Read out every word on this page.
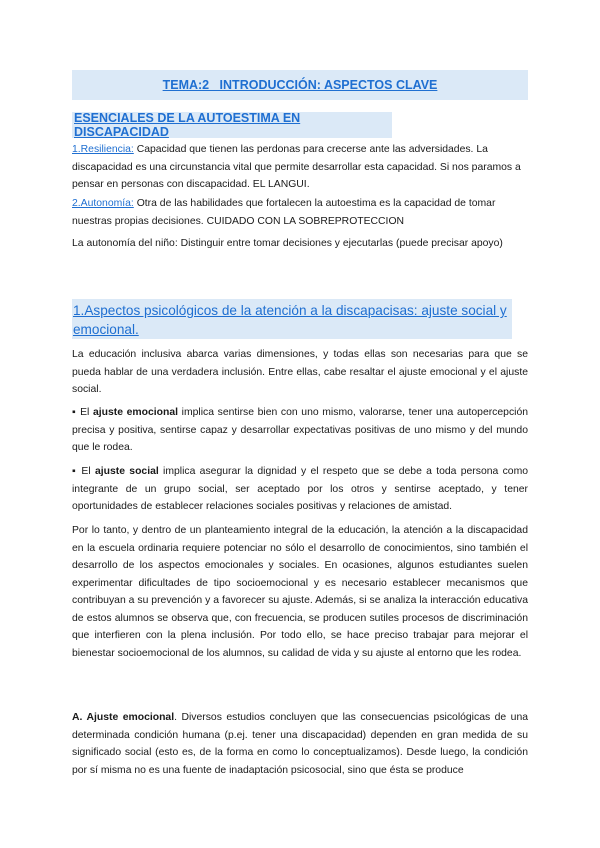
TEMA:2   INTRODUCCIÓN: ASPECTOS CLAVE
ESENCIALES DE LA AUTOESTIMA EN DISCAPACIDAD
1.Resiliencia: Capacidad que tienen las perdonas para crecerse ante las adversidades. La discapacidad es una circunstancia vital que permite desarrollar esta capacidad. Si nos paramos a pensar en personas con discapacidad. EL LANGUI.
2.Autonomía: Otra de las habilidades que fortalecen la autoestima es la capacidad de tomar nuestras propias decisiones. CUIDADO CON LA SOBREPROTECCION
La autonomía del niño: Distinguir entre tomar decisiones y ejecutarlas (puede precisar apoyo)
1.Aspectos psicológicos de la atención a la discapacisas: ajuste social y emocional.
La educación inclusiva abarca varias dimensiones, y todas ellas son necesarias para que se pueda hablar de una verdadera inclusión. Entre ellas, cabe resaltar el ajuste emocional y el ajuste social.
▪ El ajuste emocional implica sentirse bien con uno mismo, valorarse, tener una autopercepción precisa y positiva, sentirse capaz y desarrollar expectativas positivas de uno mismo y del mundo que le rodea.
▪ El ajuste social implica asegurar la dignidad y el respeto que se debe a toda persona como integrante de un grupo social, ser aceptado por los otros y sentirse aceptado, y tener oportunidades de establecer relaciones sociales positivas y relaciones de amistad.
Por lo tanto, y dentro de un planteamiento integral de la educación, la atención a la discapacidad en la escuela ordinaria requiere potenciar no sólo el desarrollo de conocimientos, sino también el desarrollo de los aspectos emocionales y sociales. En ocasiones, algunos estudiantes suelen experimentar dificultades de tipo socioemocional y es necesario establecer mecanismos que contribuyan a su prevención y a favorecer su ajuste. Además, si se analiza la interacción educativa de estos alumnos se observa que, con frecuencia, se producen sutiles procesos de discriminación que interfieren con la plena inclusión. Por todo ello, se hace preciso trabajar para mejorar el bienestar socioemocional de los alumnos, su calidad de vida y su ajuste al entorno que les rodea.
A. Ajuste emocional. Diversos estudios concluyen que las consecuencias psicológicas de una determinada condición humana (p.ej. tener una discapacidad) dependen en gran medida de su significado social (esto es, de la forma en como lo conceptualizamos). Desde luego, la condición por sí misma no es una fuente de inadaptación psicosocial, sino que ésta se produce
